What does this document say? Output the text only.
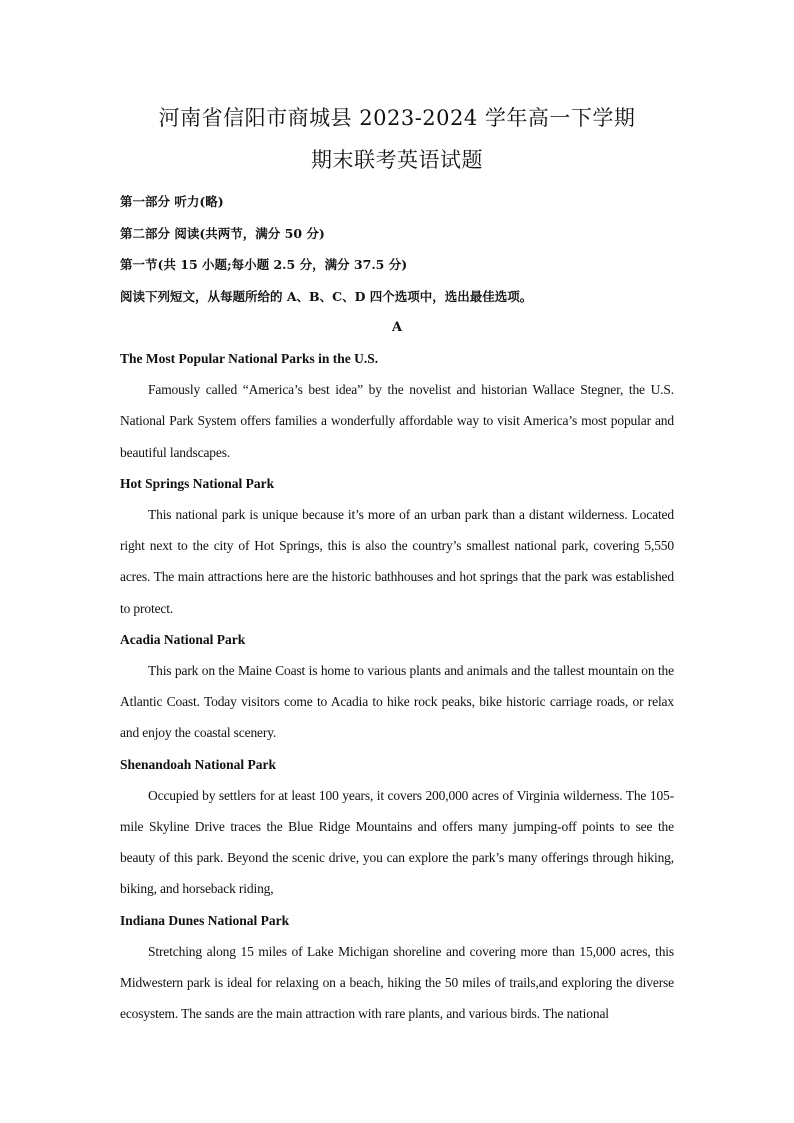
河南省信阳市商城县 2023-2024 学年高一下学期
期末联考英语试题

第一部分 听力(略)

第二部分 阅读(共两节，满分 50 分)

第一节(共 15 小题;每小题 2.5 分，满分 37.5 分)

阅读下列短文，从每题所给的 A、B、C、D 四个选项中，选出最佳选项。

A

The Most Popular National Parks in the U.S.

Famously called “America’s best idea” by the novelist and historian Wallace Stegner, the U.S. National Park System offers families a wonderfully affordable way to visit America’s most popular and beautiful landscapes.

Hot Springs National Park

This national park is unique because it’s more of an urban park than a distant wilderness. Located right next to the city of Hot Springs, this is also the country’s smallest national park, covering 5,550 acres. The main attractions here are the historic bathhouses and hot springs that the park was established to protect.

Acadia National Park

This park on the Maine Coast is home to various plants and animals and the tallest mountain on the Atlantic Coast. Today visitors come to Acadia to hike rock peaks, bike historic carriage roads, or relax and enjoy the coastal scenery.

Shenandoah National Park

Occupied by settlers for at least 100 years, it covers 200,000 acres of Virginia wilderness. The 105-mile Skyline Drive traces the Blue Ridge Mountains and offers many jumping-off points to see the beauty of this park. Beyond the scenic drive, you can explore the park’s many offerings through hiking, biking, and horseback riding,

Indiana Dunes National Park

Stretching along 15 miles of Lake Michigan shoreline and covering more than 15,000 acres, this Midwestern park is ideal for relaxing on a beach, hiking the 50 miles of trails,and exploring the diverse ecosystem. The sands are the main attraction with rare plants, and various birds. The national
